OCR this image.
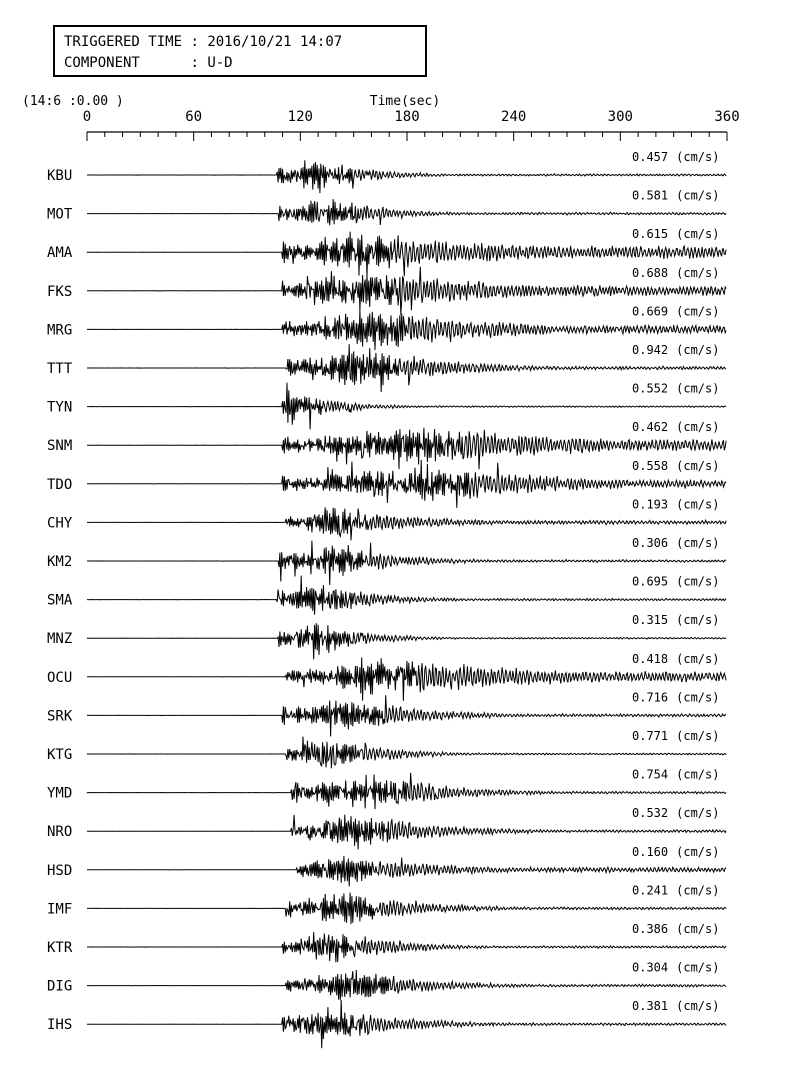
TRIGGERED TIME : 2016/10/21 14:07
COMPONENT	: U-D
(14:6 :0.00 )	Time(sec)
0	60	120	180	240	300	360
KBU
0.457 (cm/s)
MOT
0.581 (cm/s)
AMA
0.615 (cm/s)
FKS
0.688 (cm/s)
MRG
0.669 (cm/s)
TTT
0.942 (cm/s)
TYN
0.552 (cm/s)
SNM
0.462 (cm/s)
TDO
0.558 (cm/s)
CHY
0.193 (cm/s)
KM2
0.306 (cm/s)
SMA
0.695 (cm/s)
MNZ
0.315 (cm/s)
OCU
0.418 (cm/s)
SRK
0.716 (cm/s)
KTG
0.771 (cm/s)
YMD
0.754 (cm/s)
NRO
0.532 (cm/s)
HSD
0.160 (cm/s)
IMF
0.241 (cm/s)
KTR
0.386 (cm/s)
DIG
0.304 (cm/s)
IHS
0.381 (cm/s)
